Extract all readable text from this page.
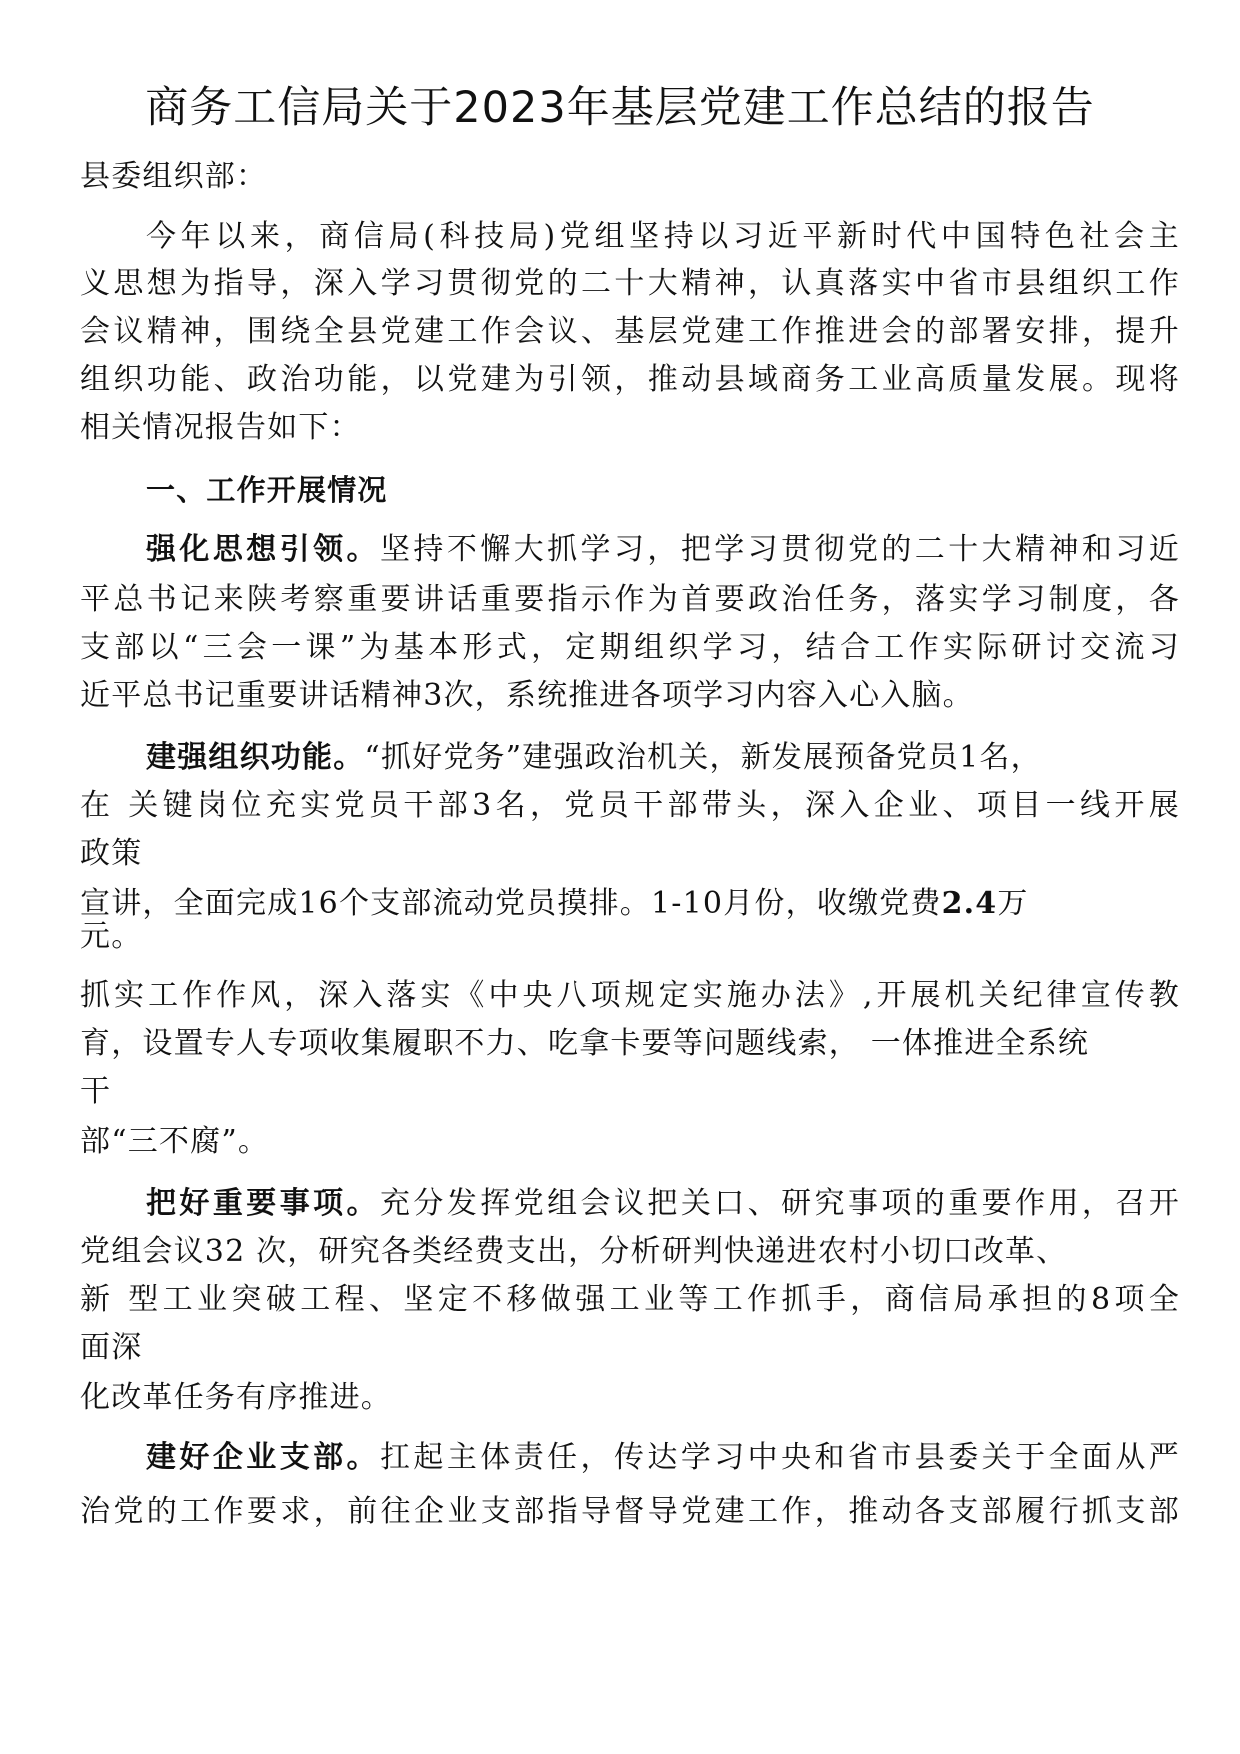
商务工信局关于2023年基层党建工作总结的报告
县委组织部：
今年以来，商信局(科技局)党组坚持以习近平新时代中国特色社会主
义思想为指导，深入学习贯彻党的二十大精神，认真落实中省市县组织工作
会议精神，围绕全县党建工作会议、基层党建工作推进会的部署安排，提升
组织功能、政治功能，以党建为引领，推动县域商务工业高质量发展。现将
相关情况报告如下：
一、工作开展情况
强化思想引领。坚持不懈大抓学习，把学习贯彻党的二十大精神和习近
平总书记来陕考察重要讲话重要指示作为首要政治任务，落实学习制度，各
支部以“三会一课”为基本形式，定期组织学习，结合工作实际研讨交流习
近平总书记重要讲话精神3次，系统推进各项学习内容入心入脑。
建强组织功能。“抓好党务”建强政治机关，新发展预备党员1名，
在 关键岗位充实党员干部3名，党员干部带头，深入企业、项目一线开展
政策
宣讲，全面完成16个支部流动党员摸排。1-10月份，收缴党费2.4万
元。
抓实工作作风，深入落实《中央八项规定实施办法》,开展机关纪律宣传教
育，设置专人专项收集履职不力、吃拿卡要等问题线索， 一体推进全系统
干
部“三不腐”。
把好重要事项。充分发挥党组会议把关口、研究事项的重要作用，召开
党组会议32 次，研究各类经费支出，分析研判快递进农村小切口改革、
新 型工业突破工程、坚定不移做强工业等工作抓手，商信局承担的8项全
面深
化改革任务有序推进。
建好企业支部。扛起主体责任，传达学习中央和省市县委关于全面从严
治党的工作要求，前往企业支部指导督导党建工作，推动各支部履行抓支部
